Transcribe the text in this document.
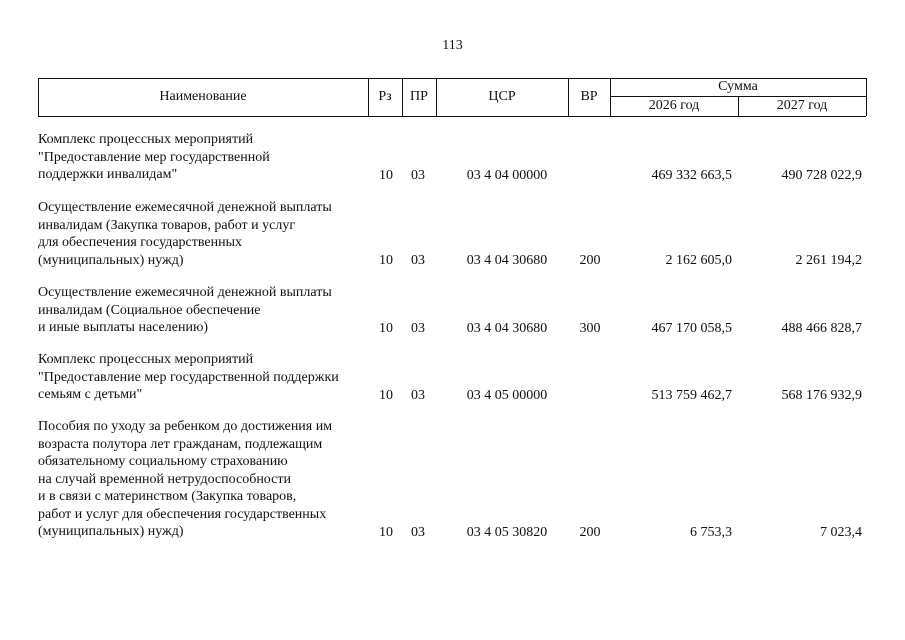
113
Наименование	Рз	ПР	ЦСР	ВР
Сумма
2026 год	2027 год
Комплекс процессных мероприятий
"Предоставление мер государственной
поддержки инвалидам"	10	03	03 4 04 00000	469 332 663,5	490 728 022,9
Осуществление ежемесячной денежной выплаты
инвалидам (Закупка товаров, работ и услуг
для обеспечения государственных
(муниципальных) нужд)	10	03	03 4 04 30680	200	2 162 605,0	2 261 194,2
Осуществление ежемесячной денежной выплаты
инвалидам (Социальное обеспечение
и иные выплаты населению)	10	03	03 4 04 30680	300	467 170 058,5	488 466 828,7
Комплекс процессных мероприятий
"Предоставление мер государственной поддержки
семьям с детьми"	10	03	03 4 05 00000	513 759 462,7	568 176 932,9
Пособия по уходу за ребенком до достижения им
возраста полутора лет гражданам, подлежащим
обязательному социальному страхованию
на случай временной нетрудоспособности
и в связи с материнством (Закупка товаров,
работ и услуг для обеспечения государственных
(муниципальных) нужд)	10	03	03 4 05 30820	200	6 753,3	7 023,4
